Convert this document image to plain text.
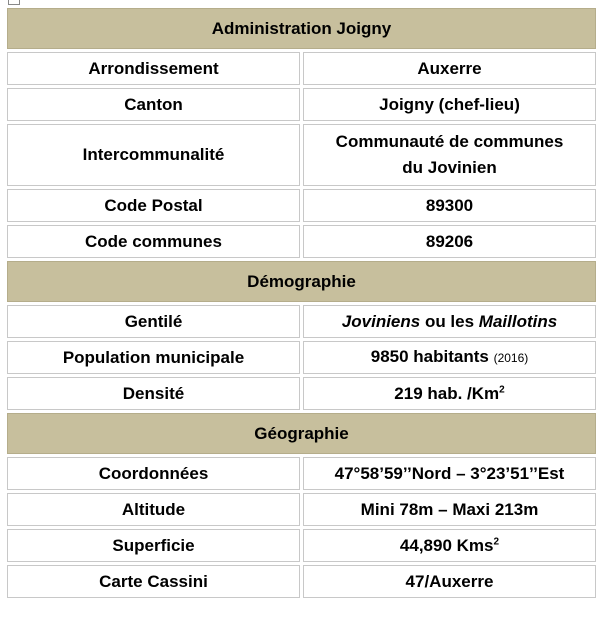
Administration Joigny	
Arrondissement	Auxerre
Canton	Joigny (chef-lieu)
Intercommunalité	Communauté de communes
du Jovinien
Code Postal	89300
Code communes	89206
Démographie	
Gentilé	Joviniens ou les Maillotins
Population municipale	9850 habitants (2016)
Densité	219 hab. /Km$^2$
Géographie	
Coordonnées	47°58’59’’Nord – 3°23’51’’Est
Altitude	Mini 78m – Maxi 213m
Superficie	44,890 Kms$^2$
Carte Cassini	47/Auxerre
